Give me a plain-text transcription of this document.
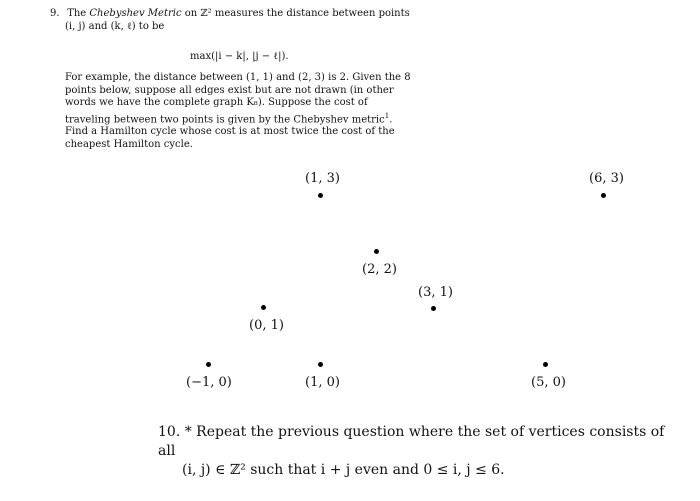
9. The Chebyshev Metric on ℤ² measures the distance between points
(i, j) and (k, ℓ) to be
max(|i − k|, |j − ℓ|).
For example, the distance between (1, 1) and (2, 3) is 2. Given the 8 points below, suppose all edges exist but are not drawn (in other words we have the complete graph K₈). Suppose the cost of traveling between two points is given by the Chebyshev metric$^1$. Find a Hamilton cycle whose cost is at most twice the cost of the cheapest Hamilton cycle.
(1, 3)	(6, 3)
(2, 2)
(3, 1)
(0, 1)
(−1, 0)	(1, 0)	(5, 0)
10. * Repeat the previous question where the set of vertices consists of all
(i, j) ∈ ℤ² such that i + j even and 0 ≤ i, j ≤ 6.
